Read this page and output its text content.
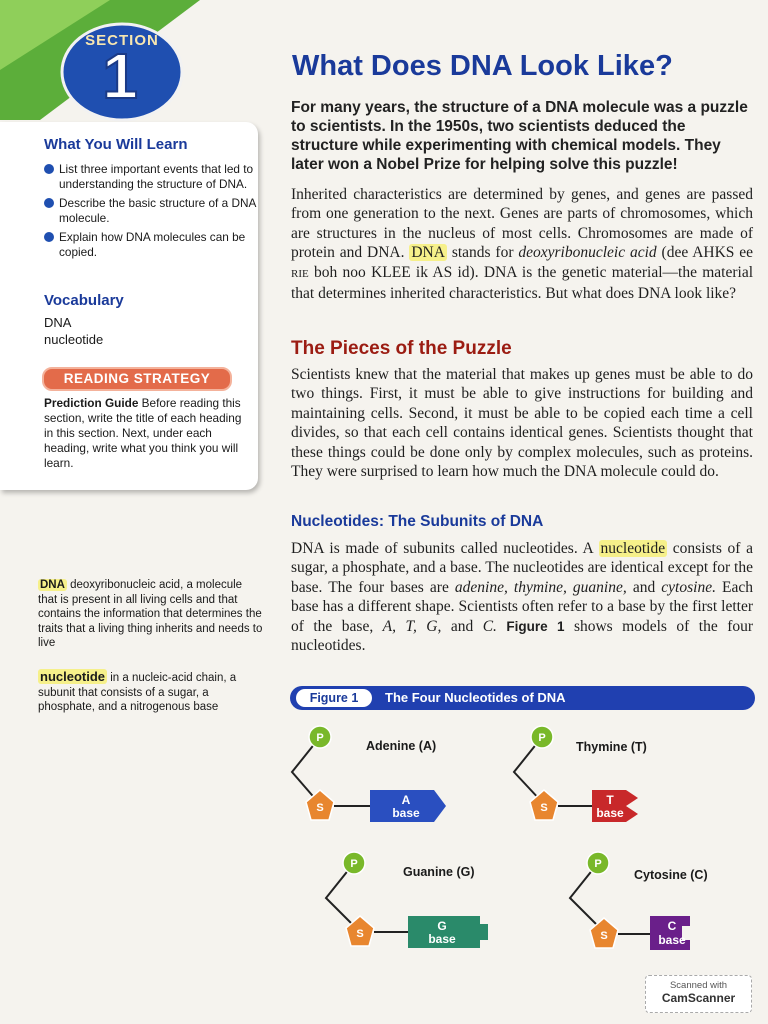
SECTION
1	What Does DNA Look Like?

For many years, the structure of a DNA molecule was a puzzle to scientists. In the 1950s, two scientists deduced the structure while experimenting with chemical models. They later won a Nobel Prize for helping solve this puzzle!

Inherited characteristics are determined by genes, and genes are passed from one generation to the next. Genes are parts of chromosomes, which are structures in the nucleus of most cells. Chromosomes are made of protein and DNA. DNA stands for deoxyribonucleic acid (dee AHKS ee RIE boh noo KLEE ik AS id). DNA is the genetic material—the material that determines inherited characteristics. But what does DNA look like?

The Pieces of the Puzzle

Scientists knew that the material that makes up genes must be able to do two things. First, it must be able to give instructions for building and maintaining cells. Second, it must be able to be copied each time a cell divides, so that each cell contains identical genes. Scientists thought that these things could be done only by complex molecules, such as proteins. They were surprised to learn how much the DNA molecule could do.

Nucleotides: The Subunits of DNA

DNA is made of subunits called nucleotides. A nucleotide consists of a sugar, a phosphate, and a base. The nucleotides are identical except for the base. The four bases are adenine, thymine, guanine, and cytosine. Each base has a different shape. Scientists often refer to a base by the first letter of the base, A, T, G, and C. Figure 1 shows models of the four nucleotides.

What You Will Learn
List three important events that led to understanding the structure of DNA.
Describe the basic structure of a DNA molecule.
Explain how DNA molecules can be copied.
Vocabulary
DNA
nucleotide
READING STRATEGY

Prediction Guide Before reading this section, write the title of each heading in this section. Next, under each heading, write what you think you will learn.

DNA deoxyribonucleic acid, a molecule that is present in all living cells and that contains the information that determines the traits that a living thing inherits and needs to live

nucleotide in a nucleic-acid chain, a subunit that consists of a sugar, a phosphate, and a nitrogenous base

Figure 1	The Four Nucleotides of DNA
P
S
A
base
Adenine (A)
P
S
T
base
Thymine (T)
P
S
G
base
Guanine (G)
P
S
C
base
Cytosine (C)
Scanned with
CamScanner
